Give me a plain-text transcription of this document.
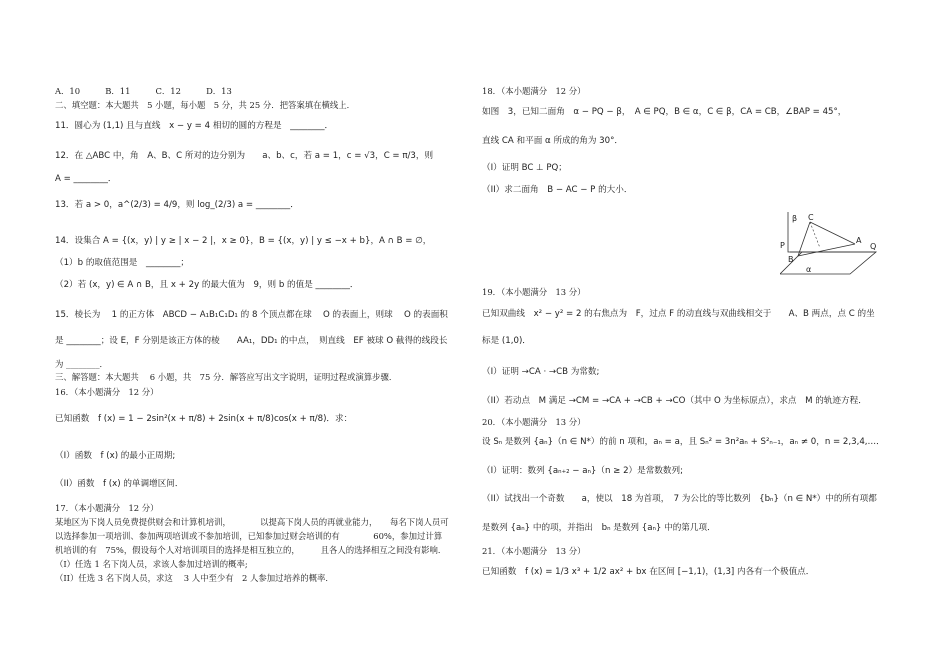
A．10　　　B．11　　　C．12　　　D．13
二、填空题：本大题共　5 小题，每小题　5 分，共 25 分．把答案填在横线上．
11．圆心为 (1,1) 且与直线　x − y = 4 相切的圆的方程是　________．
12．在 △ABC 中，角　A、B、C 所对的边分别为　　a、b、c，若 a = 1，c = √3，C = π/3，则
A = ________．
13．若 a > 0，a^(2/3) = 4/9，则 log_(2/3) a = ________．
14．设集合 A = {(x，y) | y ≥ | x − 2 |，x ≥ 0}，B = {(x，y) | y ≤ −x + b}，A ∩ B = ∅，
（1）b 的取值范围是　________；
（2）若 (x，y) ∈ A ∩ B，且 x + 2y 的最大值为　9，则 b 的值是 ________．
15．棱长为　 1 的正方体　ABCD − A₁B₁C₁D₁ 的 8 个顶点都在球　 O 的表面上，则球　 O 的表面积
是 ________；设 E，F 分别是该正方体的棱　　AA₁，DD₁ 的中点，　则直线　EF 被球 O 截得的线段长
为 ________．
三、解答题：本大题共　 6 小题，共　75 分．解答应写出文字说明，证明过程或演算步骤．
16．（本小题满分　12 分）
已知函数　f (x) = 1 − 2sin²(x + π/8) + 2sin(x + π/8)cos(x + π/8)．求：
（I）函数　f (x) 的最小正周期;
（II）函数　f (x) 的单调增区间．
17．（本小题满分　12 分）
某地区为下岗人员免费提供财会和计算机培训，　　　　以提高下岗人员的再就业能力，　　每名下岗人员可
以选择参加一项培训、参加两项培训或不参加培训，已知参加过财会培训的有　　　　60%，参加过计算
机培训的有　75%，假设每个人对培训项目的选择是相互独立的，　　　且各人的选择相互之间没有影响．
（I）任选 1 名下岗人员，求该人参加过培训的概率;
（II）任选 3 名下岗人员，求这　 3 人中至少有　2 人参加过培养的概率．
18．（本小题满分　12 分）
如图　3，已知二面角　α − PQ − β，　A ∈ PQ，B ∈ α，C ∈ β，CA = CB，∠BAP = 45°，
直线 CA 和平面 α 所成的角为 30°．
（I）证明 BC ⊥ PQ；
（II）求二面角　B − AC − P 的大小．
19．（本小题满分　13 分）
已知双曲线　x² − y² = 2 的右焦点为　F，过点 F 的动直线与双曲线相交于　　A、B 两点，点 C 的坐
标是 (1,0)．
（I）证明 →CA · →CB 为常数;
（II）若动点　M 满足 →CM = →CA + →CB + →CO（其中 O 为坐标原点），求点　M 的轨迹方程．
20．（本小题满分　13 分）
设 Sₙ 是数列 {aₙ}（n ∈ N*）的前 n 项和，aₙ = a，且 Sₙ² = 3n²aₙ + S²ₙ₋₁，aₙ ≠ 0，n = 2,3,4,…．
（I）证明：数列 {aₙ₊₂ − aₙ}（n ≥ 2）是常数数列;
（II）试找出一个奇数　　a，使以　18 为首项，　7 为公比的等比数列　{bₙ}（n ∈ N*）中的所有项都
是数列 {aₙ} 中的项，并指出　bₙ 是数列 {aₙ} 中的第几项．
21．（本小题满分　13 分）
已知函数　f (x) = 1/3 x³ + 1/2 ax² + bx 在区间 [−1,1)，(1,3] 内各有一个极值点．
β C
P
A
Q
B
α
